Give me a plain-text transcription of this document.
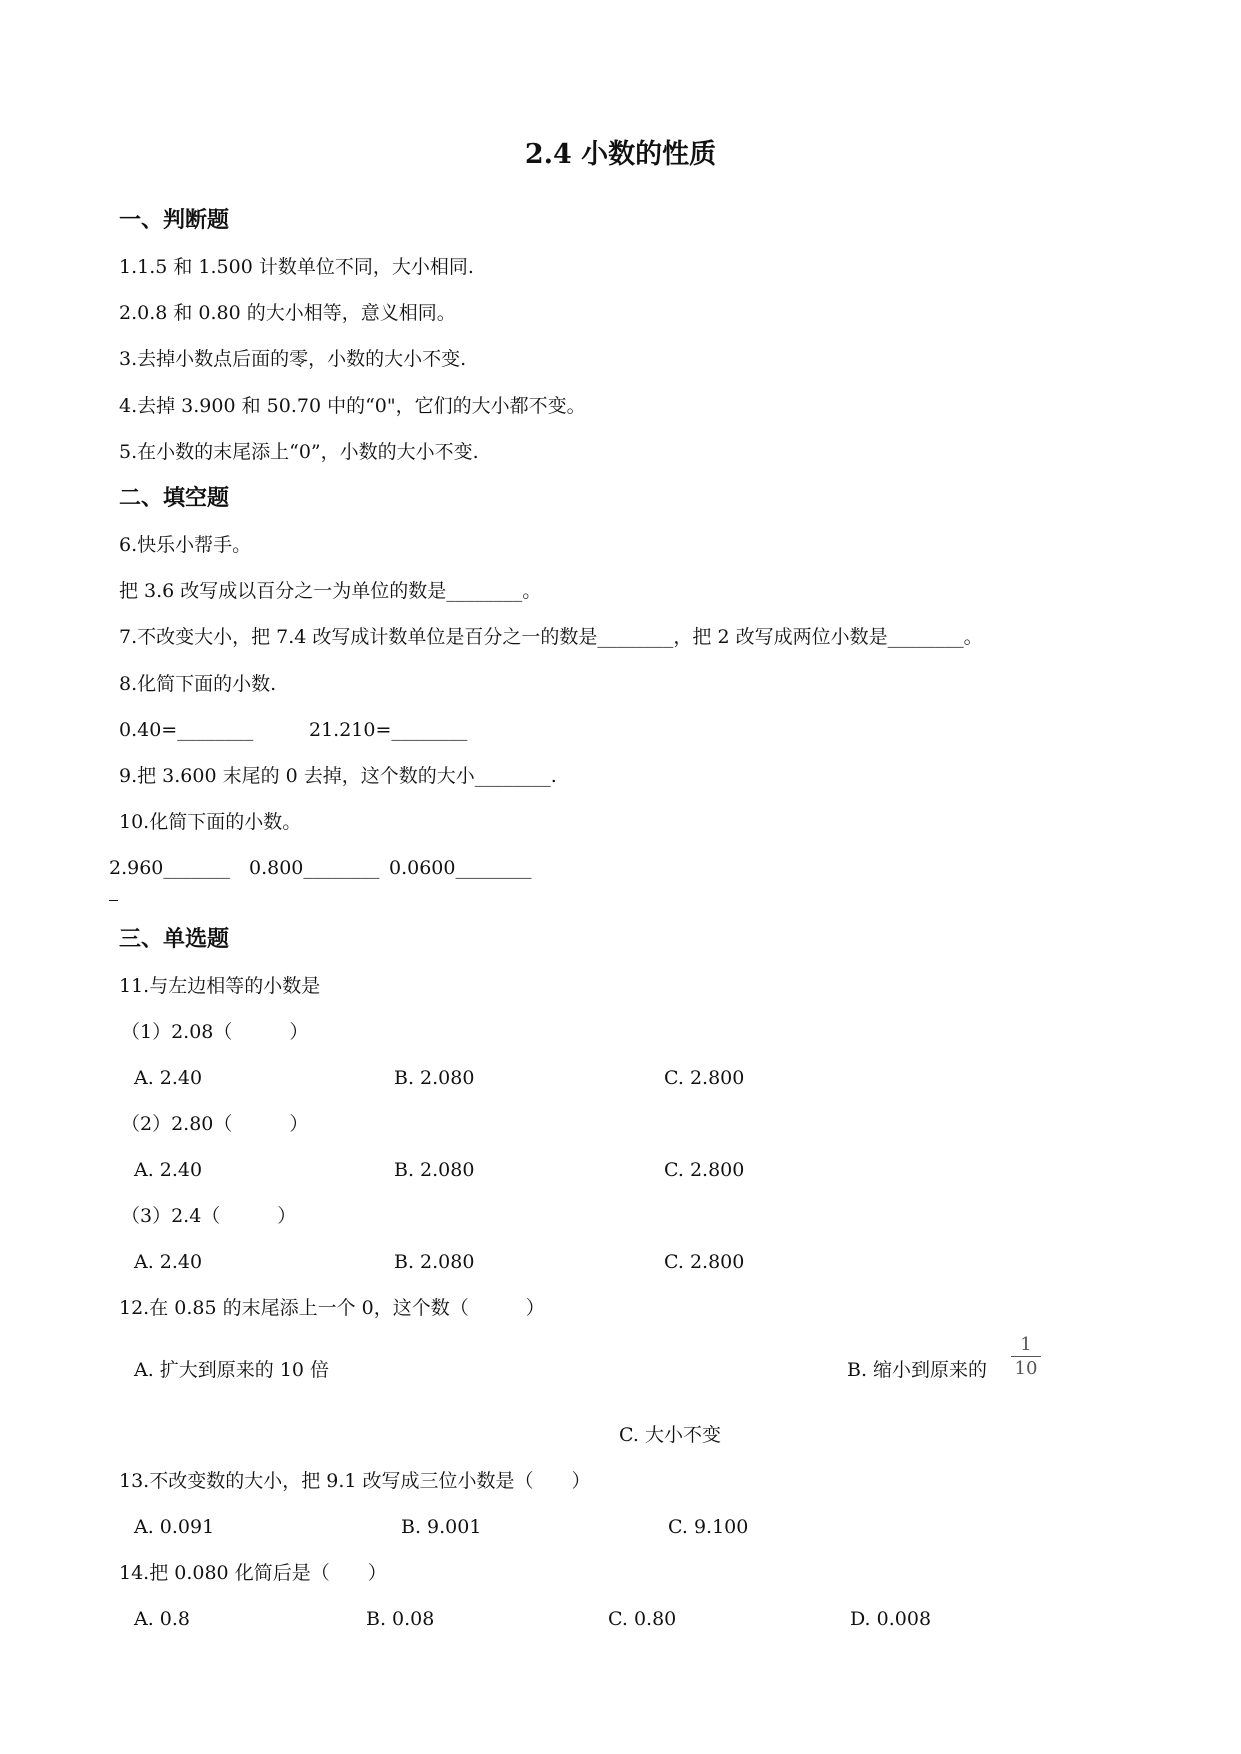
2.4 小数的性质
一、判断题
1.1.5 和 1.500 计数单位不同，大小相同.
2.0.8 和 0.80 的大小相等，意义相同。
3.去掉小数点后面的零，小数的大小不变.
4.去掉 3.900 和 50.70 中的“0"，它们的大小都不变。
5.在小数的末尾添上“0”，小数的大小不变.
二、填空题
6.快乐小帮手。
把 3.6 改写成以百分之一为单位的数是________。
7.不改变大小，把 7.4 改写成计数单位是百分之一的数是________，把 2 改写成两位小数是________。
8.化简下面的小数.
0.40=________	21.210=________
9.把 3.600 末尾的 0 去掉，这个数的大小________.
10.化简下面的小数。
2.960_______ 0.800________ 0.0600________
三、单选题
11.与左边相等的小数是
（1）2.08（　　　）
A. 2.40	B. 2.080	C. 2.800
（2）2.80（　　　）
A. 2.40	B. 2.080	C. 2.800
（3）2.4（　　　）
A. 2.40	B. 2.080	C. 2.800
12.在 0.85 的末尾添上一个 0，这个数（　　　）
A. 扩大到原来的 10 倍	B. 缩小到原来的
1
10
C. 大小不变
13.不改变数的大小，把 9.1 改写成三位小数是（　　）
A. 0.091	B. 9.001	C. 9.100
14.把 0.080 化简后是（　　）
A. 0.8	B. 0.08	C. 0.80	D. 0.008
